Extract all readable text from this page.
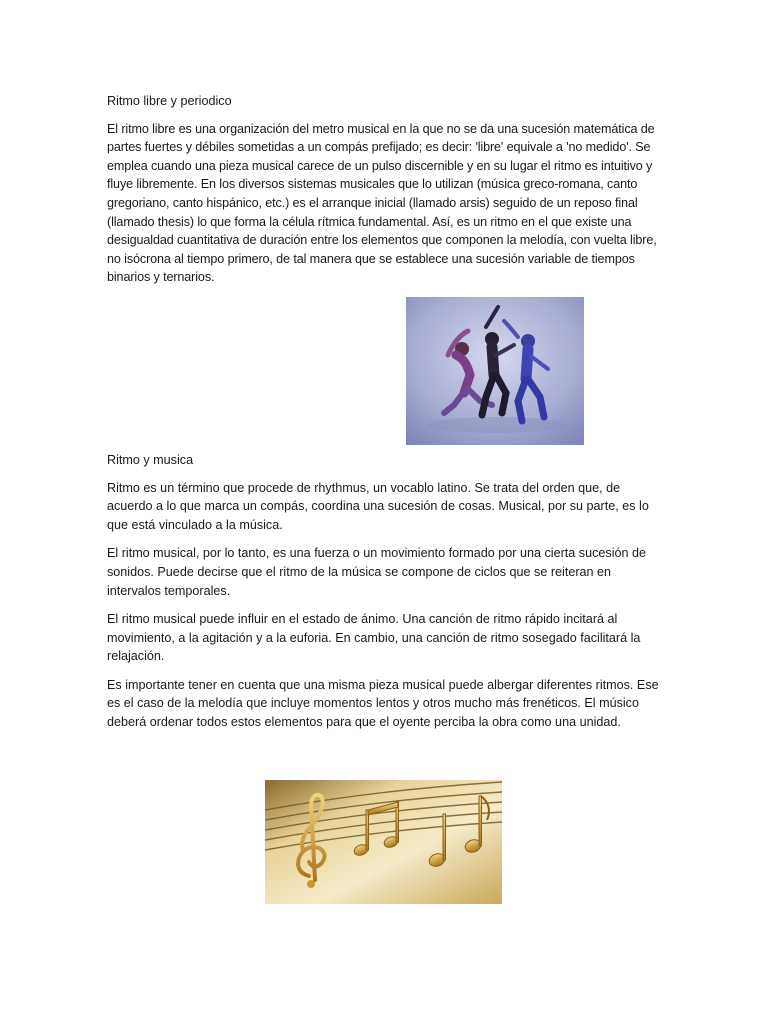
Ritmo libre y periodico

El ritmo libre es una organización del metro musical en la que no se da una sucesión matemática de partes fuertes y débiles sometidas a un compás prefijado; es decir: 'libre' equivale a 'no medido'. Se emplea cuando una pieza musical carece de un pulso discernible y en su lugar el ritmo es intuitivo y fluye libremente. En los diversos sistemas musicales que lo utilizan (música greco-romana, canto gregoriano, canto hispánico, etc.) es el arranque inicial (llamado arsis) seguido de un reposo final (llamado thesis) lo que forma la célula rítmica fundamental. Así, es un ritmo en el que existe una desigualdad cuantitativa de duración entre los elementos que componen la melodía, con vuelta libre, no isócrona al tiempo primero, de tal manera que se establece una sucesión variable de tiempos binarios y ternarios.

Ritmo y musica

Ritmo es un término que procede de rhythmus, un vocablo latino. Se trata del orden que, de acuerdo a lo que marca un compás, coordina una sucesión de cosas. Musical, por su parte, es lo que está vinculado a la música.

El ritmo musical, por lo tanto, es una fuerza o un movimiento formado por una cierta sucesión de sonidos. Puede decirse que el ritmo de la música se compone de ciclos que se reiteran en intervalos temporales.

El ritmo musical puede influir en el estado de ánimo. Una canción de ritmo rápido incitará al movimiento, a la agitación y a la euforia. En cambio, una canción de ritmo sosegado facilitará la relajación.

Es importante tener en cuenta que una misma pieza musical puede albergar diferentes ritmos. Ese es el caso de la melodía que incluye momentos lentos y otros mucho más frenéticos. El músico deberá ordenar todos estos elementos para que el oyente perciba la obra como una unidad.
